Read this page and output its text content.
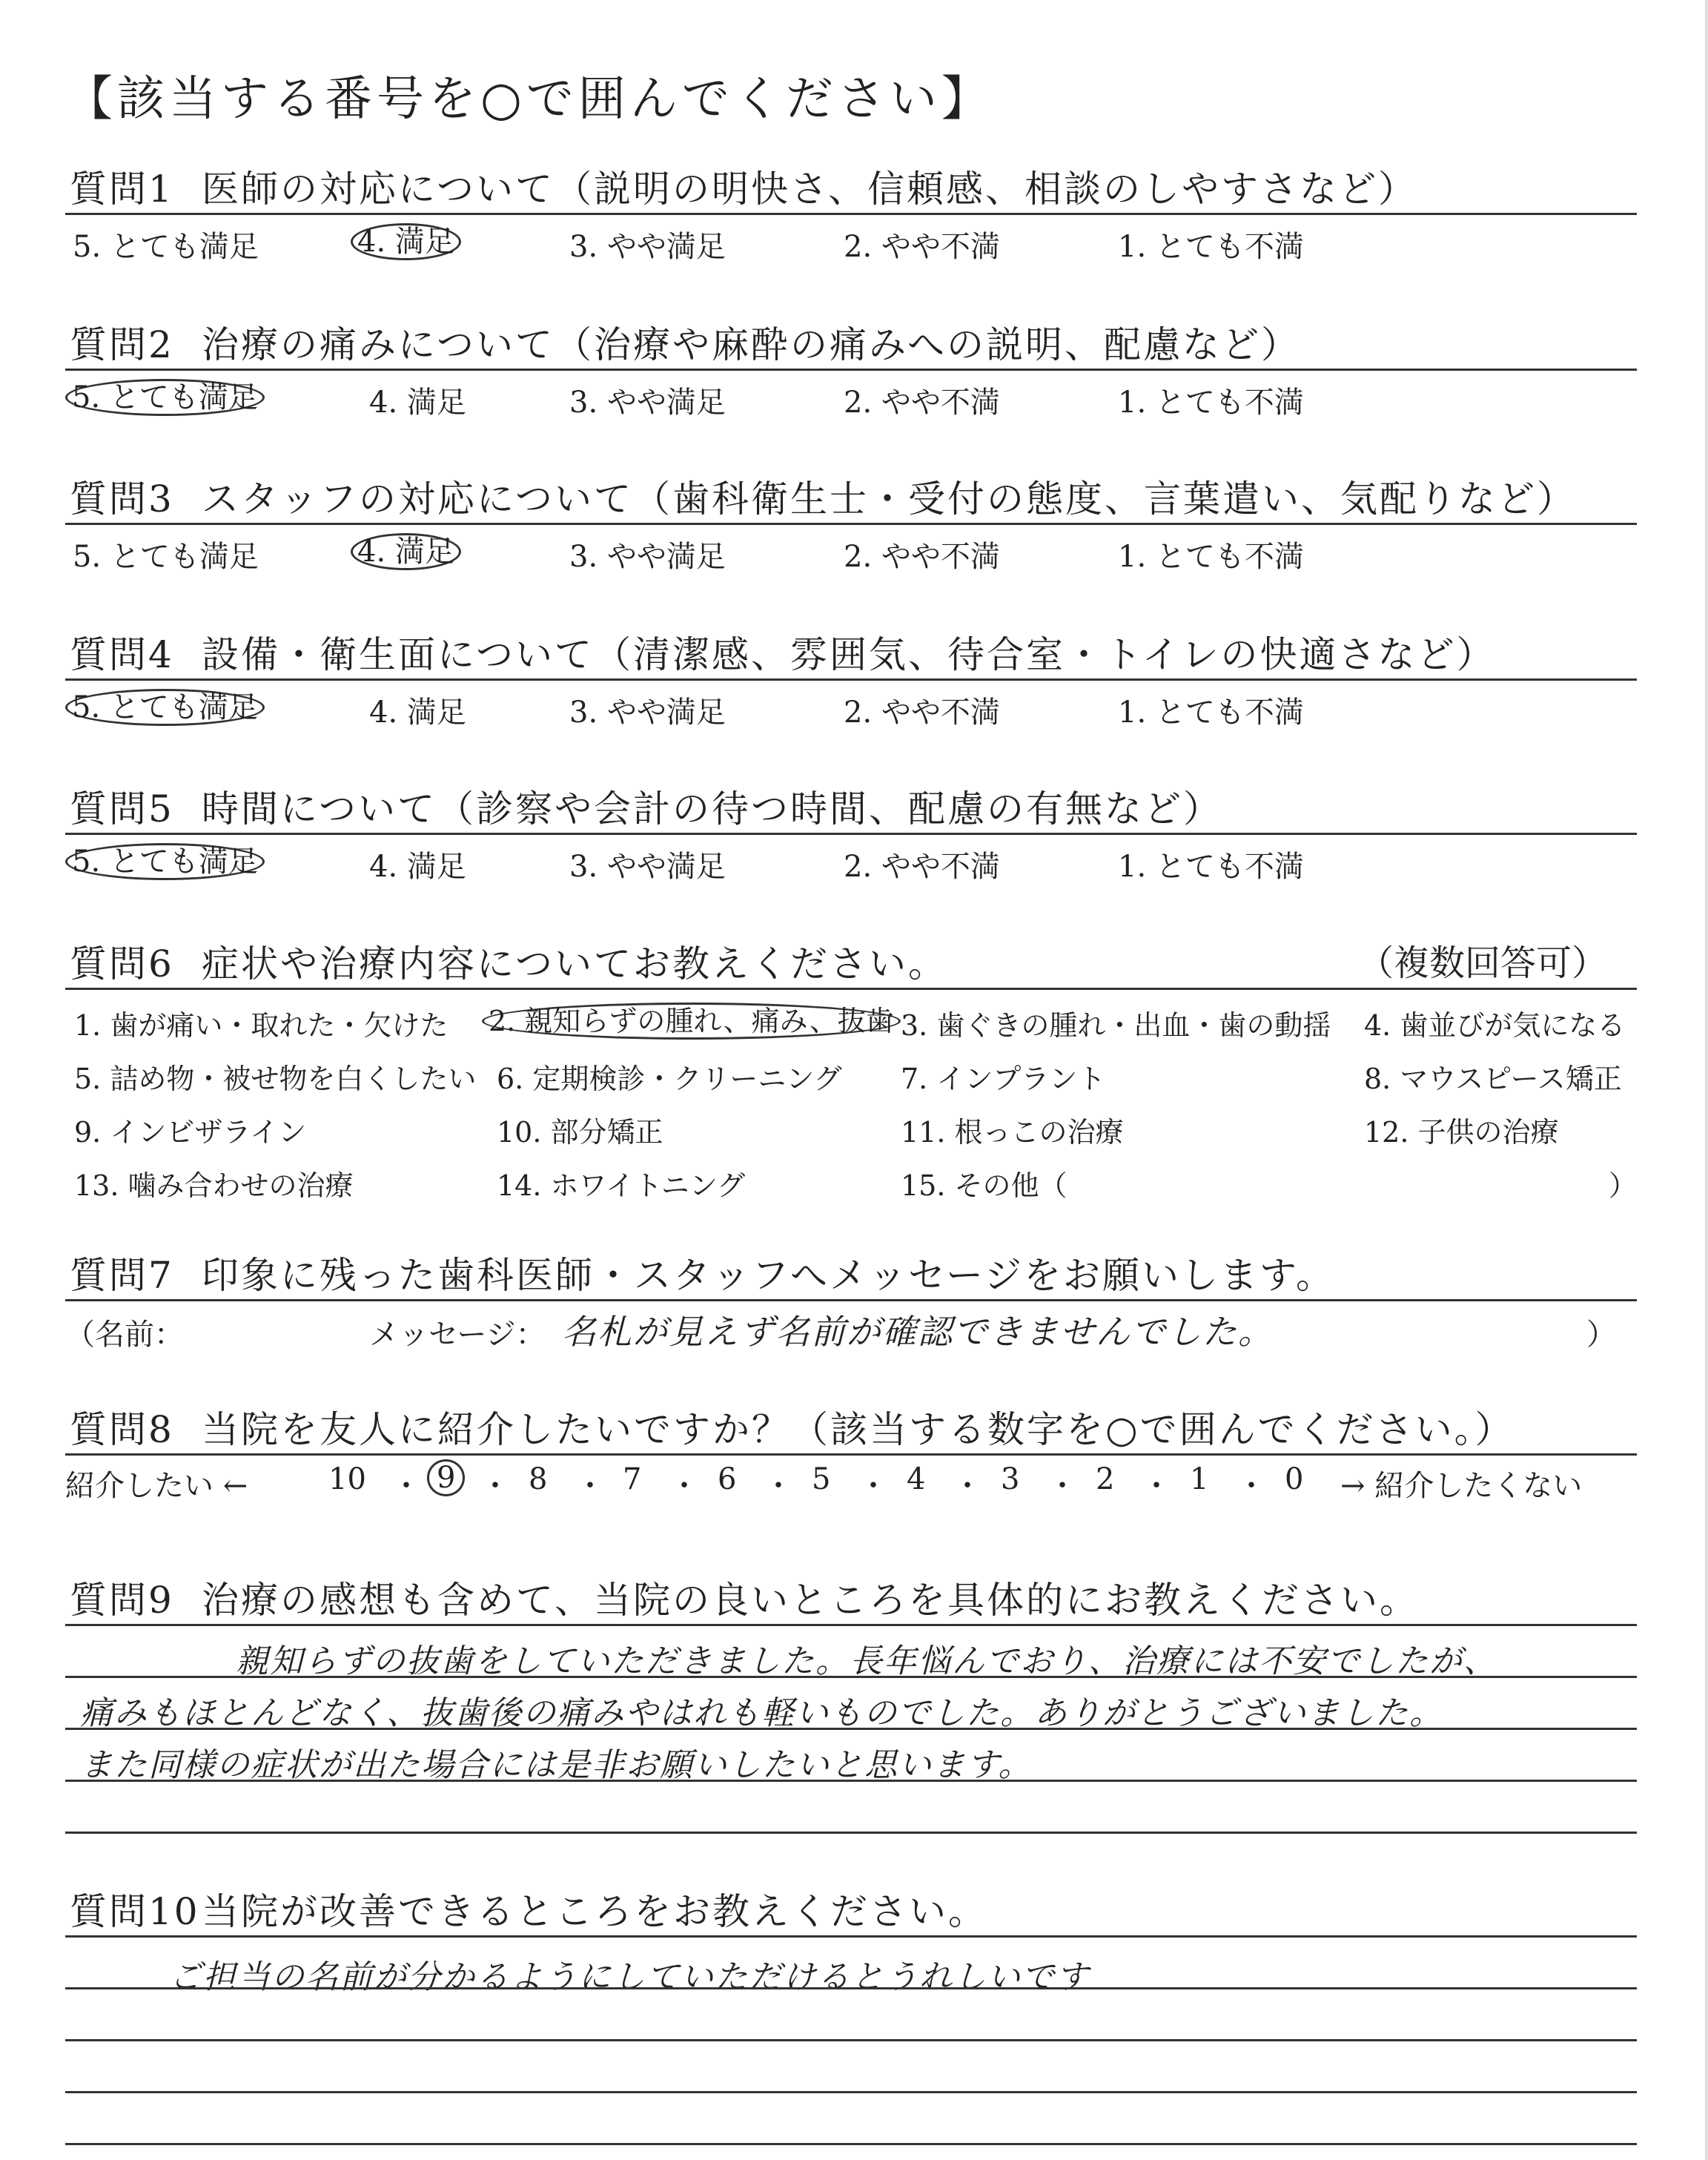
【該当する番号を○で囲んでください】
質問1 医師の対応について（説明の明快さ、信頼感、相談のしやすさなど）
5. とても満足	4. 満足	3. やや満足	2. やや不満	1. とても不満
質問2 治療の痛みについて（治療や麻酔の痛みへの説明、配慮など）
5. とても満足	4. 満足	3. やや満足	2. やや不満	1. とても不満
質問3 スタッフの対応について（歯科衛生士・受付の態度、言葉遣い、気配りなど）
5. とても満足	4. 満足	3. やや満足	2. やや不満	1. とても不満
質問4 設備・衛生面について（清潔感、雰囲気、待合室・トイレの快適さなど）
5. とても満足	4. 満足	3. やや満足	2. やや不満	1. とても不満
質問5 時間について（診察や会計の待つ時間、配慮の有無など）
5. とても満足	4. 満足	3. やや満足	2. やや不満	1. とても不満
質問6 症状や治療内容についてお教えください。	（複数回答可）
1. 歯が痛い・取れた・欠けた 2. 親知らずの腫れ、痛み、抜歯 3. 歯ぐきの腫れ・出血・歯の動揺 4. 歯並びが気になる
5. 詰め物・被せ物を白くしたい 6. 定期検診・クリーニング 7. インプラント	8. マウスピース矯正
9. インビザライン	10. 部分矯正	11. 根っこの治療	12. 子供の治療
13. 噛み合わせの治療	14. ホワイトニング	15. その他（	）
質問7 印象に残った歯科医師・スタッフへメッセージをお願いします。
（名前：	メッセージ： 名札が見えず名前が確認できませんでした。	）
質問8 当院を友人に紹介したいですか？（該当する数字を○で囲んでください。）
紹介したい ←	10 ・ 9 ・ 8 ・ 7 ・ 6 ・ 5 ・ 4 ・ 3 ・ 2 ・ 1 ・ 0 → 紹介したくない
質問9 治療の感想も含めて、当院の良いところを具体的にお教えください。
親知らずの抜歯をしていただきました。長年悩んでおり、治療には不安でしたが、
痛みもほとんどなく、抜歯後の痛みやはれも軽いものでした。ありがとうございました。
また同様の症状が出た場合には是非お願いしたいと思います。
質問10当院が改善できるところをお教えください。
ご担当の名前が分かるようにしていただけるとうれしいです
